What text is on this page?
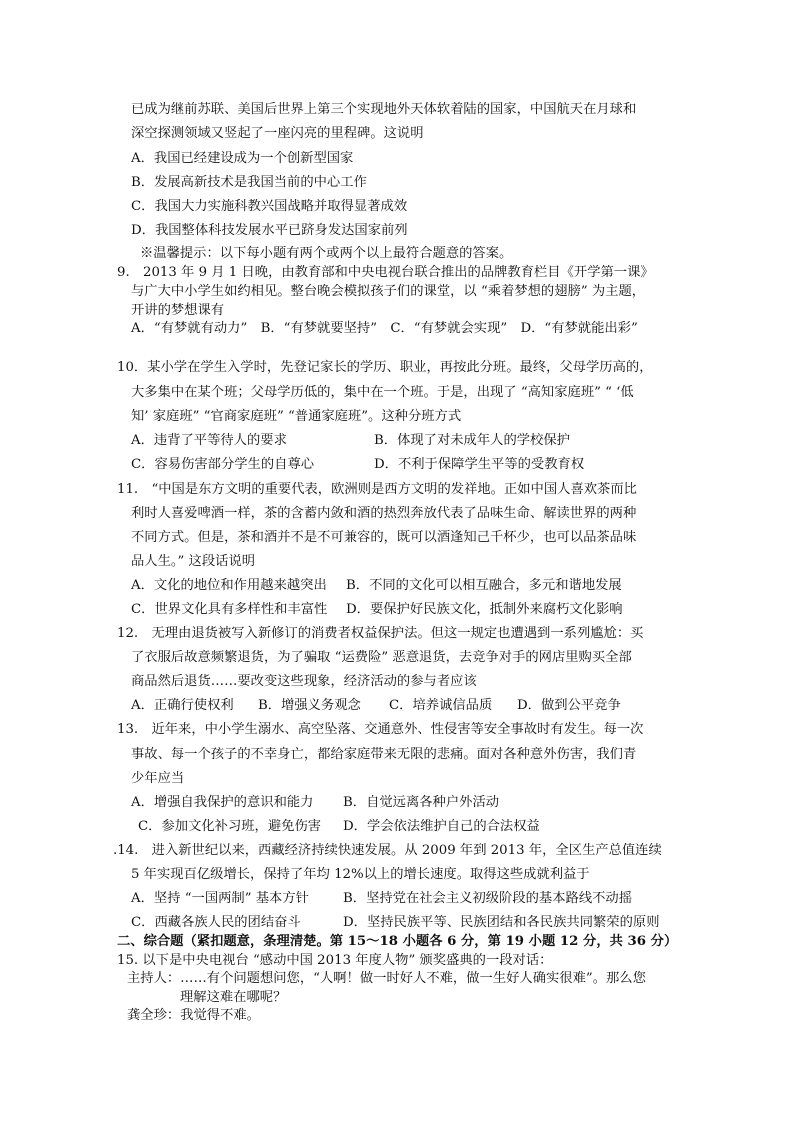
已成为继前苏联、美国后世界上第三个实现地外天体软着陆的国家，中国航天在月球和
深空探测领域又竖起了一座闪亮的里程碑。这说明
A．我国已经建设成为一个创新型国家
B．发展高新技术是我国当前的中心工作
C．我国大力实施科教兴国战略并取得显著成效
D．我国整体科技发展水平已跻身发达国家前列
※温馨提示：以下每小题有两个或两个以上最符合题意的答案。
9.　2013 年 9 月 1 日晚，由教育部和中央电视台联合推出的品牌教育栏目《开学第一课》
与广大中小学生如约相见。整台晚会模拟孩子们的课堂，以 “乘着梦想的翅膀” 为主题，
开讲的梦想课有
A．“有梦就有动力”　B．“有梦就要坚持”　C．“有梦就会实现”　D．“有梦就能出彩”
10．某小学在学生入学时，先登记家长的学历、职业，再按此分班。最终，父母学历高的，
大多集中在某个班；父母学历低的，集中在一个班。于是，出现了 “高知家庭班” “ ‘低
知’ 家庭班” “官商家庭班” “普通家庭班”。这种分班方式
A．违背了平等待人的要求	B．体现了对未成年人的学校保护
C．容易伤害部分学生的自尊心	D．不利于保障学生平等的受教育权
11.　“中国是东方文明的重要代表，欧洲则是西方文明的发祥地。正如中国人喜欢茶而比
利时人喜爱啤酒一样，茶的含蓄内敛和酒的热烈奔放代表了品味生命、解读世界的两种
不同方式。但是，茶和酒并不是不可兼容的，既可以酒逢知己千杯少，也可以品茶品味
品人生。” 这段话说明
A．文化的地位和作用越来越突出 B．不同的文化可以相互融合，多元和谐地发展
C．世界文化具有多样性和丰富性 D．要保护好民族文化，抵制外来腐朽文化影响
12.　无理由退货被写入新修订的消费者权益保护法。但这一规定也遭遇到一系列尴尬：买
了衣服后故意频繁退货，为了骗取 “运费险” 恶意退货，去竞争对手的网店里购买全部
商品然后退货……要改变这些现象，经济活动的参与者应该
A．正确行使权利 B．增强义务观念 C．培养诚信品质 D．做到公平竞争
13.　近年来，中小学生溺水、高空坠落、交通意外、性侵害等安全事故时有发生。每一次
事故、每一个孩子的不幸身亡，都给家庭带来无限的悲痛。面对各种意外伤害，我们青
少年应当
A．增强自我保护的意识和能力 B．自觉远离各种户外活动
C．参加文化补习班，避免伤害 D．学会依法维护自己的合法权益
.14.　进入新世纪以来，西藏经济持续快速发展。从 2009 年到 2013 年，全区生产总值连续
5 年实现百亿级增长，保持了年均 12%以上的增长速度。取得这些成就利益于
A．坚持 “一国两制” 基本方针	B．坚持党在社会主义初级阶段的基本路线不动摇
C．西藏各族人民的团结奋斗	D．坚持民族平等、民族团结和各民族共同繁荣的原则
二、综合题（紧扣题意，条理清楚。第 15～18 小题各 6 分，第 19 小题 12 分，共 36 分）
15. 以下是中央电视台 “感动中国 2013 年度人物” 颁奖盛典的一段对话：
主持人：……有个问题想问您，“人啊！做一时好人不难，做一生好人确实很难”。那么您
理解这难在哪呢？
龚全珍：我觉得不难。
